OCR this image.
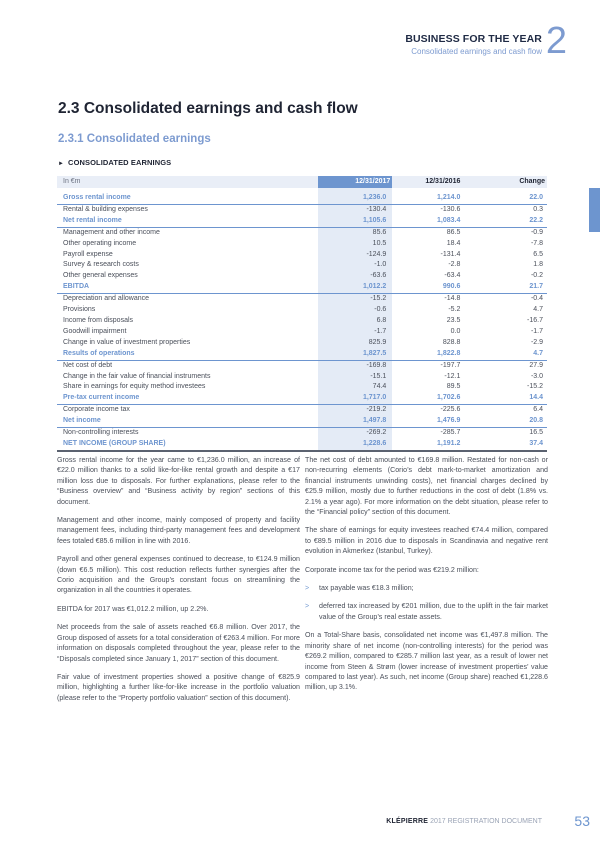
BUSINESS FOR THE YEAR
Consolidated earnings and cash flow 2
2.3 Consolidated earnings and cash flow
2.3.1 Consolidated earnings
► CONSOLIDATED EARNINGS
In €m	12/31/2017	12/31/2016	Change

Gross rental income	1,236.0	1,214.0	22.0
Rental & building expenses	-130.4	-130.6	0.3
Net rental income	1,105.6	1,083.4	22.2
Management and other income	85.6	86.5	-0.9
Other operating income	10.5	18.4	-7.8
Payroll expense	-124.9	-131.4	6.5
Survey & research costs	-1.0	-2.8	1.8
Other general expenses	-63.6	-63.4	-0.2
EBITDA	1,012.2	990.6	21.7
Depreciation and allowance	-15.2	-14.8	-0.4
Provisions	-0.6	-5.2	4.7
Income from disposals	6.8	23.5	-16.7
Goodwill impairment	-1.7	0.0	-1.7
Change in value of investment properties	825.9	828.8	-2.9
Results of operations	1,827.5	1,822.8	4.7
Net cost of debt	-169.8	-197.7	27.9
Change in the fair value of financial instruments	-15.1	-12.1	-3.0
Share in earnings for equity method investees	74.4	89.5	-15.2
Pre-tax current income	1,717.0	1,702.6	14.4
Corporate income tax	-219.2	-225.6	6.4
Net income	1,497.8	1,476.9	20.8
Non-controlling interests	-269.2	-285.7	16.5
NET INCOME (GROUP SHARE)	1,228.6	1,191.2	37.4

Gross rental income for the year came to €1,236.0 million, an increase of €22.0 million thanks to a solid like-for-like rental growth and despite a €17 million loss due to disposals. For further explanations, please refer to the “Business overview” and “Business activity by region” sections of this document.

Management and other income, mainly composed of property and facility management fees, including third-party management fees and development fees totaled €85.6 million in line with 2016.

Payroll and other general expenses continued to decrease, to €124.9 million (down €6.5 million). This cost reduction reflects further synergies after the Corio acquisition and the Group’s constant focus on streamlining the organization in all the countries it operates.

EBITDA for 2017 was €1,012.2 million, up 2.2%.

Net proceeds from the sale of assets reached €6.8 million. Over 2017, the Group disposed of assets for a total consideration of €263.4 million. For more information on disposals completed throughout the year, please refer to the “Disposals completed since January 1, 2017” section of this document.

Fair value of investment properties showed a positive change of €825.9 million, highlighting a further like-for-like increase in the portfolio valuation (please refer to the “Property portfolio valuation” section of this document).

The net cost of debt amounted to €169.8 million. Restated for non-cash or non-recurring elements (Corio’s debt mark-to-market amortization and financial instruments unwinding costs), net financial charges declined by €25.9 million, mostly due to further reductions in the cost of debt (1.8% vs. 2.1% a year ago). For more information on the debt situation, please refer to the “Financial policy” section of this document.

The share of earnings for equity investees reached €74.4 million, compared to €89.5 million in 2016 due to disposals in Scandinavia and negative rent evolution in Akmerkez (Istanbul, Turkey).

Corporate income tax for the period was €219.2 million:

> tax payable was €18.3 million;
> deferred tax increased by €201 million, due to the uplift in the fair market value of the Group’s real estate assets.

On a Total-Share basis, consolidated net income was €1,497.8 million. The minority share of net income (non-controlling interests) for the period was €269.2 million, compared to €285.7 million last year, as a result of lower net income from Steen & Strøm (lower increase of investment properties’ value compared to last year). As such, net income (Group share) reached €1,228.6 million, up 3.1%.

KLÉPIERRE 2017 REGISTRATION DOCUMENT 53
